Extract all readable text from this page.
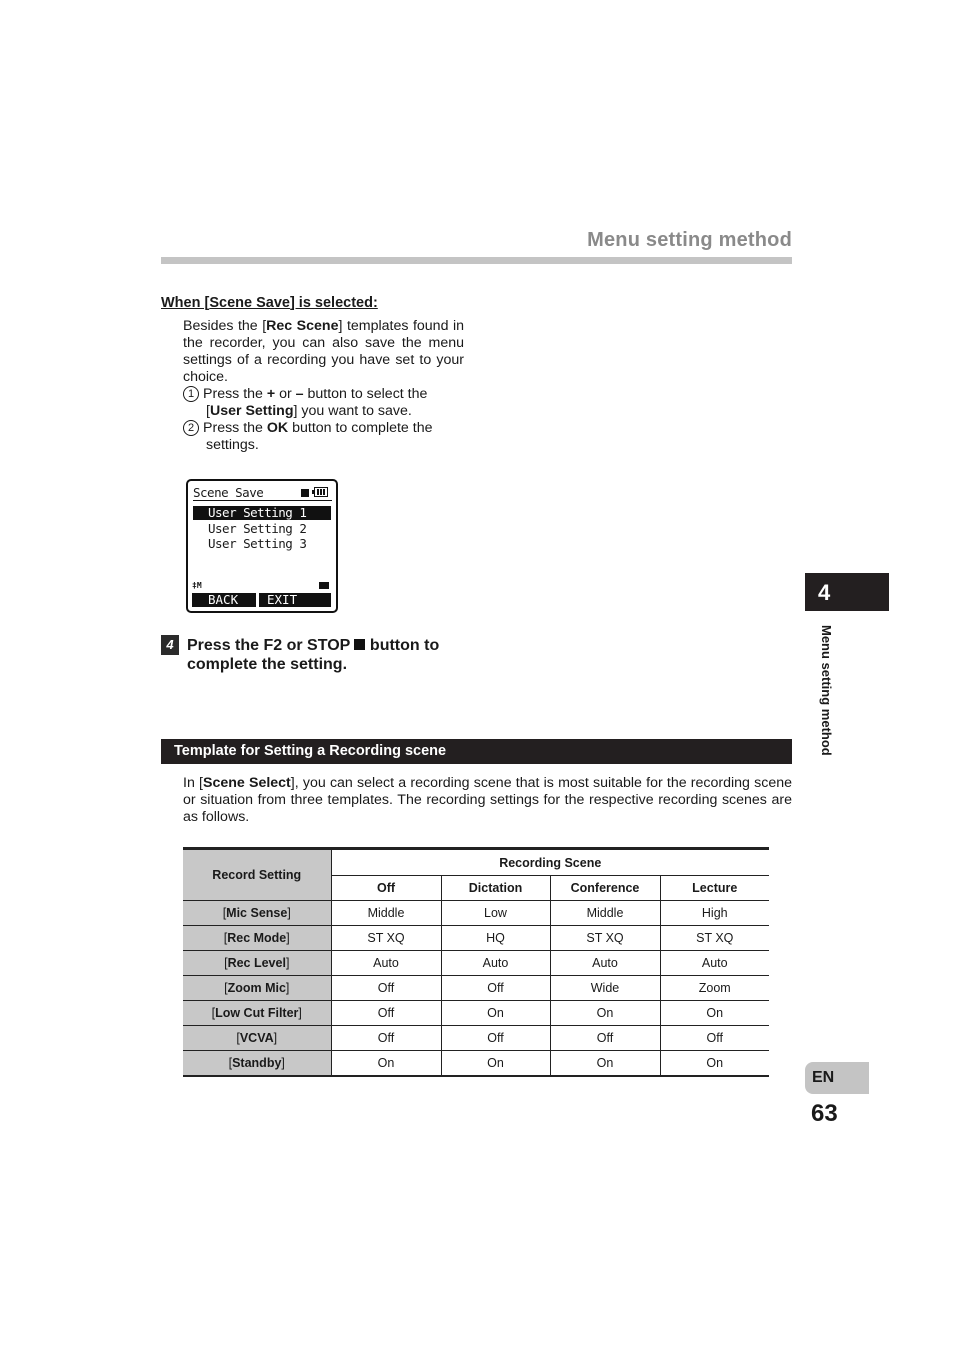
Menu setting method
When [Scene Save] is selected:
Besides the [Rec Scene] templates found in the recorder, you can also save the menu settings of a recording you have set to your choice.
1 Press the + or – button to select the
[User Setting] you want to save.
2 Press the OK button to complete the
settings.
Scene Save
User Setting 1
User Setting 2
User Setting 3
‡M
BACK	EXIT
4 Press the F2 or STOP  button to
complete the setting.
Template for Setting a Recording scene
In [Scene Select], you can select a recording scene that is most suitable for the recording scene or situation from three templates. The recording settings for the respective recording scenes are as follows.
Record Setting	Recording Scene			
	Off	Dictation	Conference	Lecture
[Mic Sense]	Middle	Low	Middle	High
[Rec Mode]	ST XQ	HQ	ST XQ	ST XQ
[Rec Level]	Auto	Auto	Auto	Auto
[Zoom Mic]	Off	Off	Wide	Zoom
[Low Cut Filter]	Off	On	On	On
[VCVA]	Off	Off	Off	Off
[Standby]	On	On	On	On
4
Menu setting method
EN
63
